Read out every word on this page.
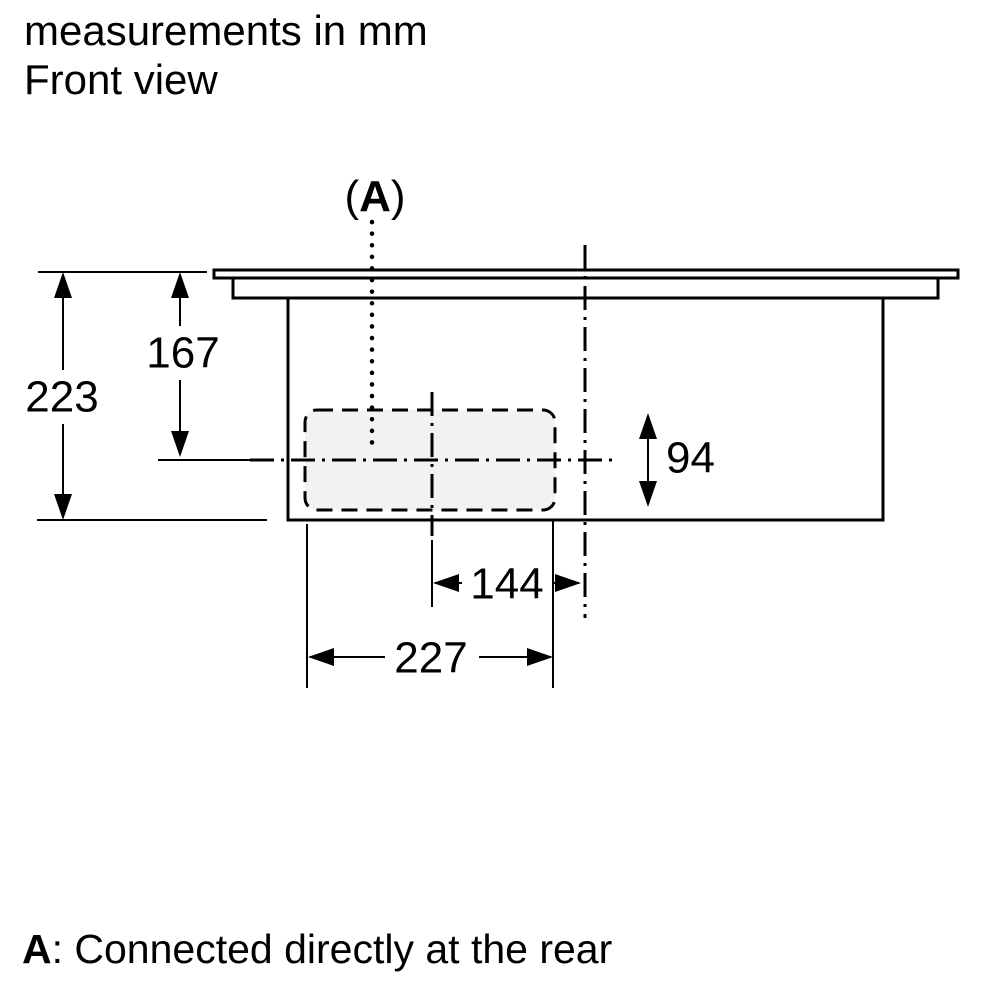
measurements in mm
Front view
223
167
94
144
227
(A)
A: Connected directly at the rear
